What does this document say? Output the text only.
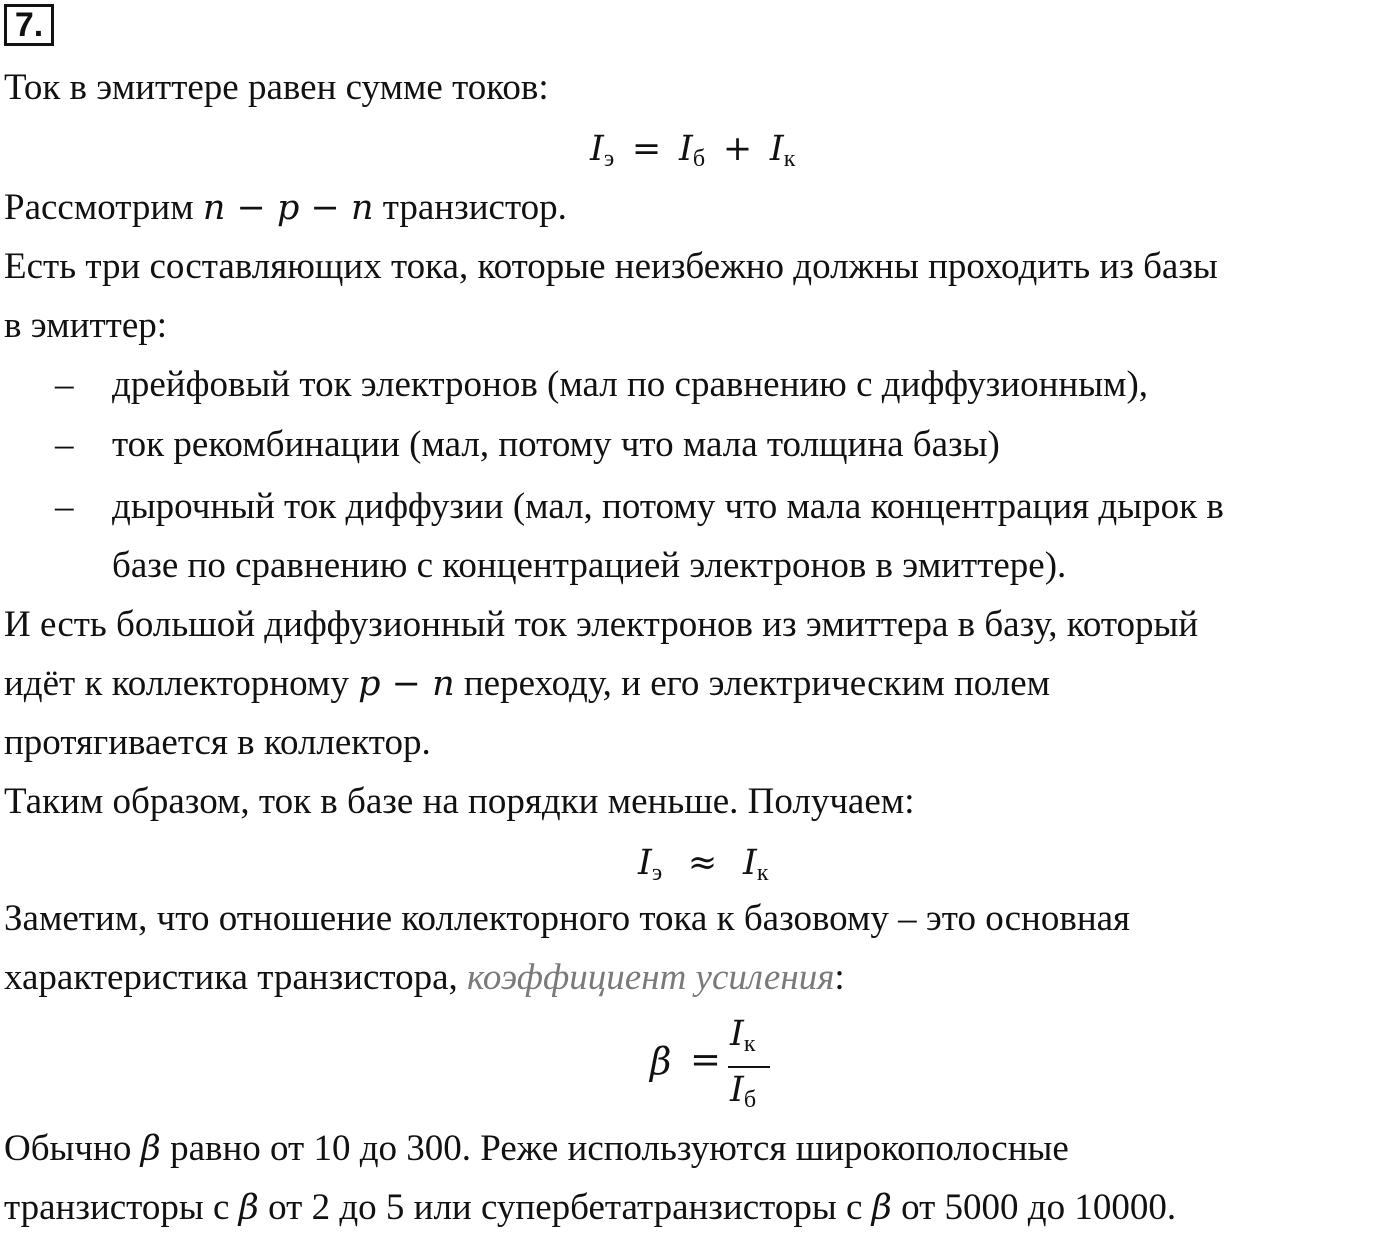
7.
Ток в эмиттере равен сумме токов:
$I_э = I_б + I_к$
Рассмотрим n − p − n транзистор.
Есть три составляющих тока, которые неизбежно должны проходить из базы
в эмиттер:
– дрейфовый ток электронов (мал по сравнению с диффузионным),
– ток рекомбинации (мал, потому что мала толщина базы)
– дырочный ток диффузии (мал, потому что мала концентрация дырок в
базе по сравнению с концентрацией электронов в эмиттере).
И есть большой диффузионный ток электронов из эмиттера в базу, который
идёт к коллекторному p − n переходу, и его электрическим полем
протягивается в коллектор.
Таким образом, ток в базе на порядки меньше. Получаем:
$I_э \approx I_к$
Заметим, что отношение коллекторного тока к базовому – это основная
характеристика транзистора, коэффициент усиления:
β =
$I_к$
$I_б$
Обычно β равно от 10 до 300. Реже используются широкополосные
транзисторы с β от 2 до 5 или супербетатранзисторы с β от 5000 до 10000.
